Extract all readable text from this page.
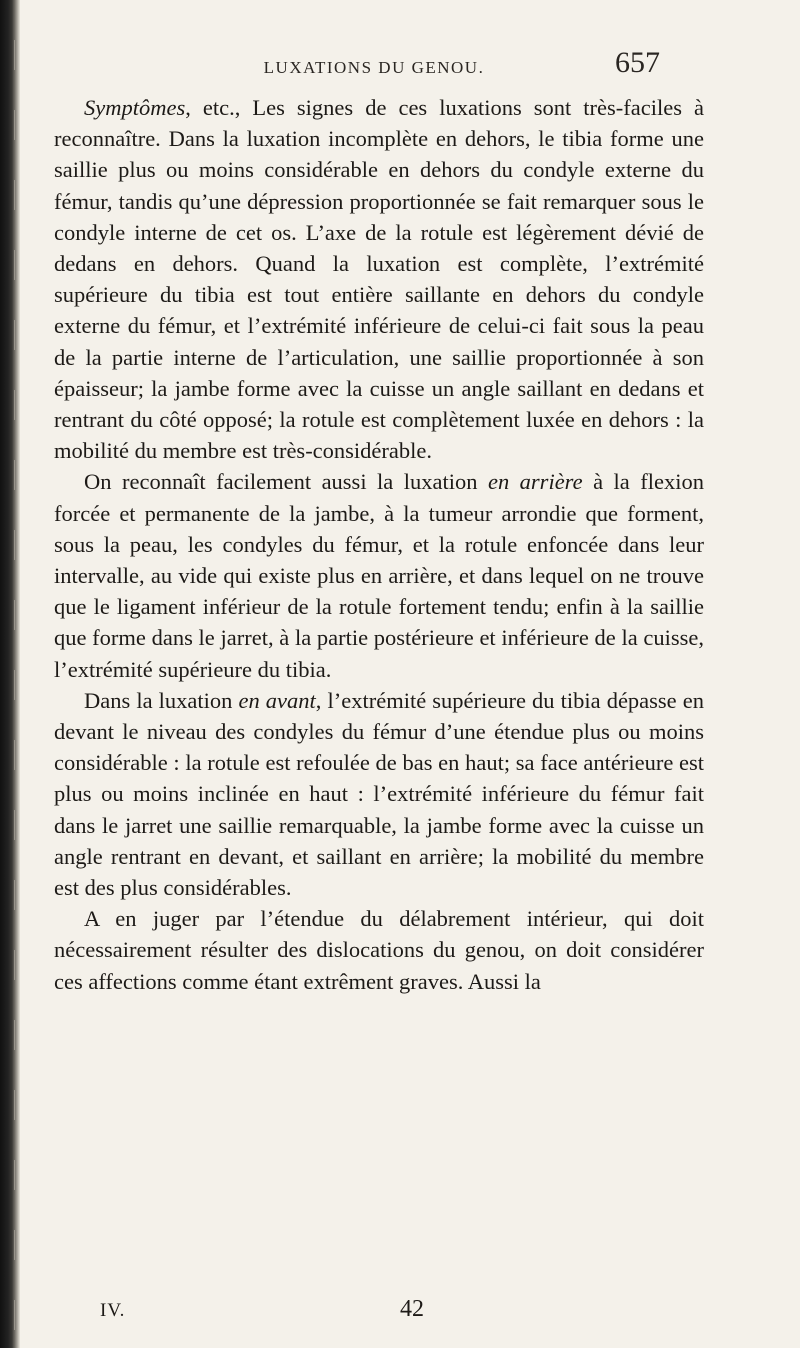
LUXATIONS DU GENOU.	657

Symptômes, etc., Les signes de ces luxations sont très-faciles à reconnaître. Dans la luxation incomplète en dehors, le tibia forme une saillie plus ou moins considérable en dehors du condyle externe du fémur, tandis qu’une dépression proportionnée se fait remarquer sous le condyle interne de cet os. L’axe de la rotule est légèrement dévié de dedans en dehors. Quand la luxation est complète, l’extrémité supérieure du tibia est tout entière saillante en dehors du condyle externe du fémur, et l’extrémité inférieure de celui-ci fait sous la peau de la partie interne de l’articulation, une saillie proportionnée à son épaisseur; la jambe forme avec la cuisse un angle saillant en dedans et rentrant du côté opposé; la rotule est complètement luxée en dehors : la mobilité du membre est très-considérable.

On reconnaît facilement aussi la luxation en arrière à la flexion forcée et permanente de la jambe, à la tumeur arrondie que forment, sous la peau, les condyles du fémur, et la rotule enfoncée dans leur intervalle, au vide qui existe plus en arrière, et dans lequel on ne trouve que le ligament inférieur de la rotule fortement tendu; enfin à la saillie que forme dans le jarret, à la partie postérieure et inférieure de la cuisse, l’extrémité supérieure du tibia.

Dans la luxation en avant, l’extrémité supérieure du tibia dépasse en devant le niveau des condyles du fémur d’une étendue plus ou moins considérable : la rotule est refoulée de bas en haut; sa face antérieure est plus ou moins inclinée en haut : l’extrémité inférieure du fémur fait dans le jarret une saillie remarquable, la jambe forme avec la cuisse un angle rentrant en devant, et saillant en arrière; la mobilité du membre est des plus considérables.

A en juger par l’étendue du délabrement intérieur, qui doit nécessairement résulter des dislocations du genou, on doit considérer ces affections comme étant extrêment graves. Aussi la

IV.	42
